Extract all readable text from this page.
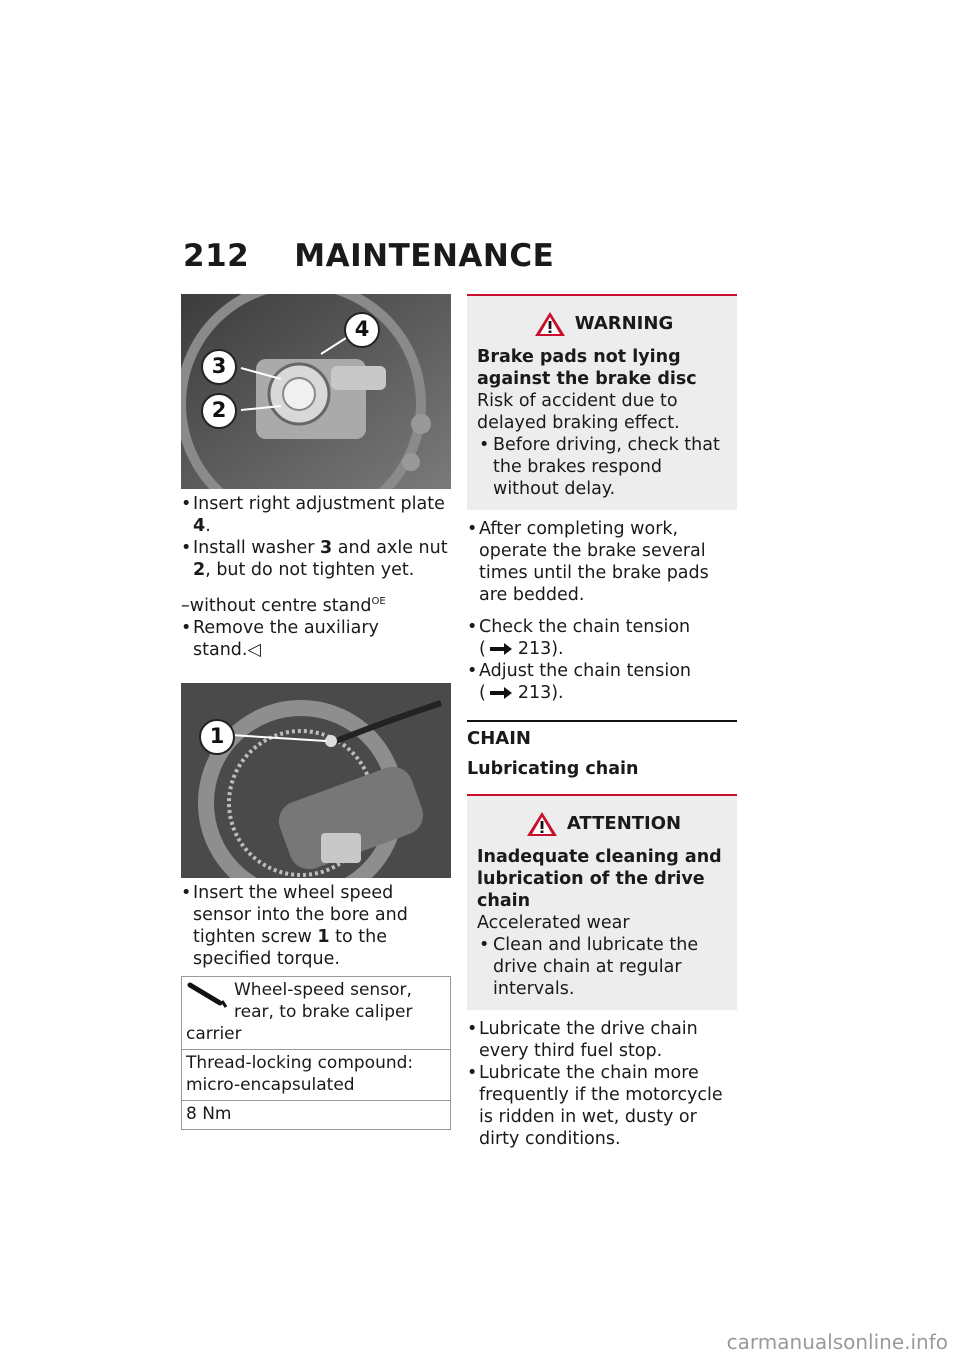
212 MAINTENANCE
4
3
2
• Insert right adjustment plate 4.
• Install washer 3 and axle nut 2, but do not tighten yet.
–without centre stand$^{OE}$
• Remove the auxiliary stand.◁
1
• Insert the wheel speed sensor into the bore and tighten screw 1 to the specified torque.
Wheel-speed sensor, rear, to brake caliper carrier
Thread-locking compound: micro-encapsulated
8 Nm
WARNING
Brake pads not lying against the brake disc
Risk of accident due to delayed braking effect.
• Before driving, check that the brakes respond without delay.
• After completing work, operate the brake several times until the brake pads are bedded.
• Check the chain tension
( 213).
• Adjust the chain tension
( 213).
CHAIN
Lubricating chain
ATTENTION
Inadequate cleaning and lubrication of the drive chain
Accelerated wear
• Clean and lubricate the drive chain at regular intervals.
• Lubricate the drive chain every third fuel stop.
• Lubricate the chain more frequently if the motorcycle is ridden in wet, dusty or dirty conditions.
carmanualsonline.info
